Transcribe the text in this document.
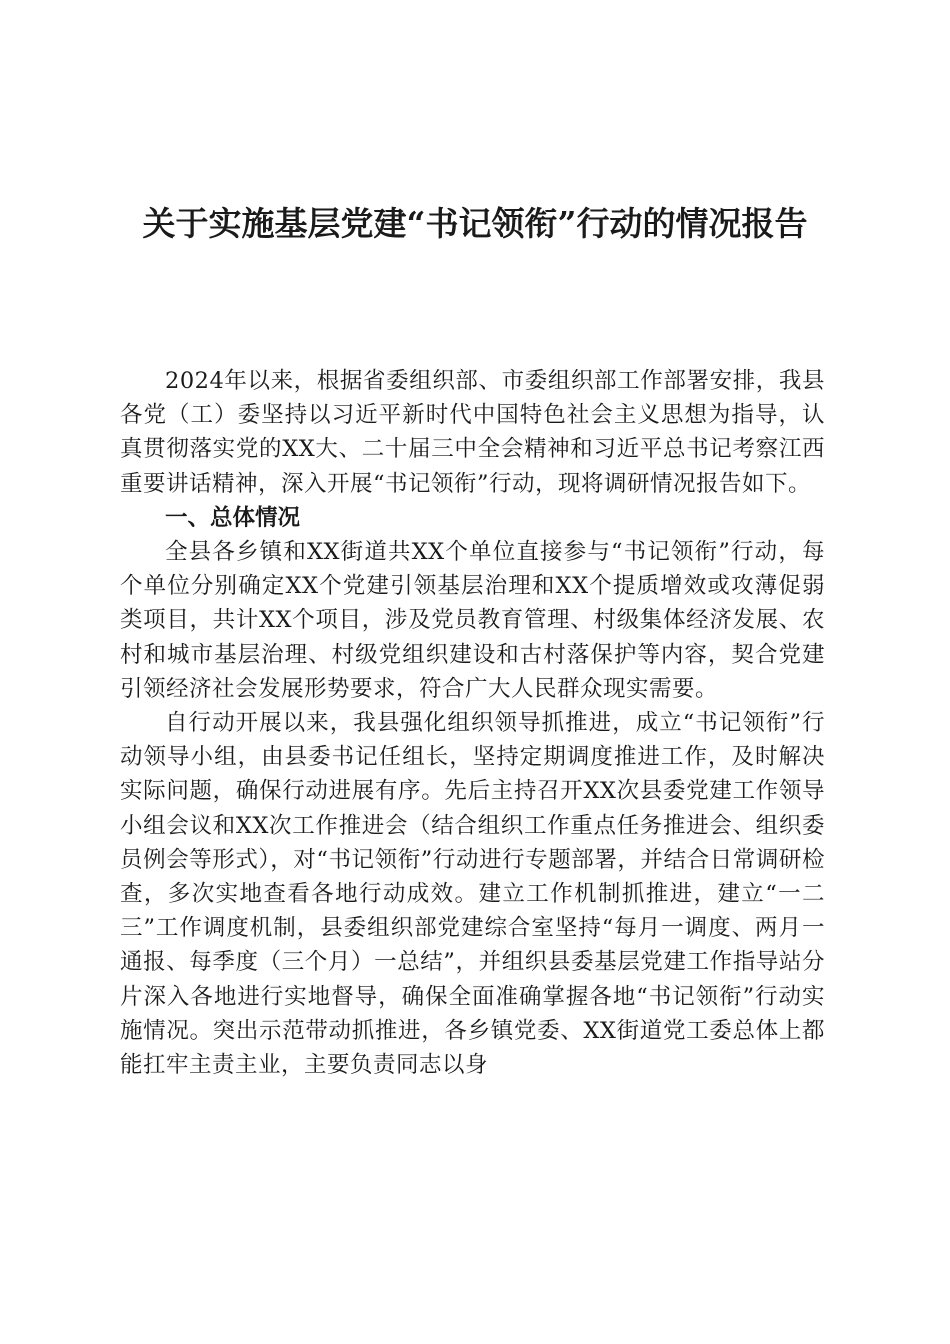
关于实施基层党建“书记领衔”行动的情况报告

2024年以来，根据省委组织部、市委组织部工作部署安排，我县各党（工）委坚持以习近平新时代中国特色社会主义思想为指导，认真贯彻落实党的XX大、二十届三中全会精神和习近平总书记考察江西重要讲话精神，深入开展“书记领衔”行动，现将调研情况报告如下。

一、总体情况

全县各乡镇和XX街道共XX个单位直接参与“书记领衔”行动，每个单位分别确定XX个党建引领基层治理和XX个提质增效或攻薄促弱类项目，共计XX个项目，涉及党员教育管理、村级集体经济发展、农村和城市基层治理、村级党组织建设和古村落保护等内容，契合党建引领经济社会发展形势要求，符合广大人民群众现实需要。

自行动开展以来，我县强化组织领导抓推进，成立“书记领衔”行动领导小组，由县委书记任组长，坚持定期调度推进工作，及时解决实际问题，确保行动进展有序。先后主持召开XX次县委党建工作领导小组会议和XX次工作推进会（结合组织工作重点任务推进会、组织委员例会等形式），对“书记领衔”行动进行专题部署，并结合日常调研检查，多次实地查看各地行动成效。建立工作机制抓推进，建立“一二三”工作调度机制，县委组织部党建综合室坚持“每月一调度、两月一通报、每季度（三个月）一总结”，并组织县委基层党建工作指导站分片深入各地进行实地督导，确保全面准确掌握各地“书记领衔”行动实施情况。突出示范带动抓推进，各乡镇党委、XX街道党工委总体上都能扛牢主责主业，主要负责同志以身
